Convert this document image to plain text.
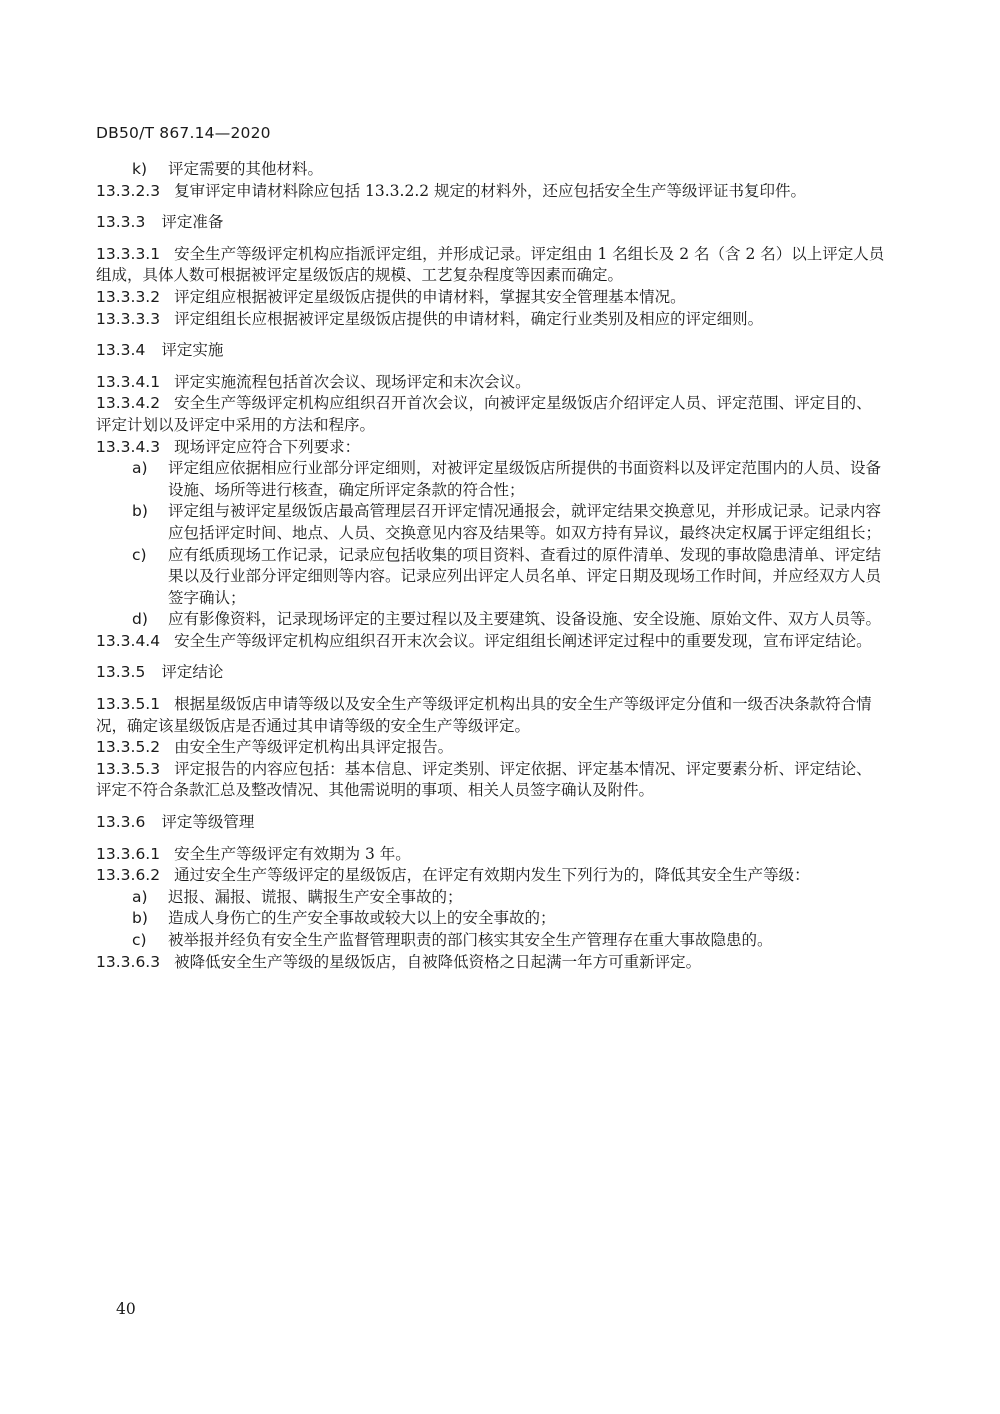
DB50/T 867.14—2020

k) 评定需要的其他材料。

13.3.2.3 复审评定申请材料除应包括 13.3.2.2 规定的材料外，还应包括安全生产等级评证书复印件。

13.3.3 评定准备

13.3.3.1 安全生产等级评定机构应指派评定组，并形成记录。评定组由 1 名组长及 2 名（含 2 名）以上评定人员组成，具体人数可根据被评定星级饭店的规模、工艺复杂程度等因素而确定。

13.3.3.2 评定组应根据被评定星级饭店提供的申请材料，掌握其安全管理基本情况。

13.3.3.3 评定组组长应根据被评定星级饭店提供的申请材料，确定行业类别及相应的评定细则。

13.3.4 评定实施

13.3.4.1 评定实施流程包括首次会议、现场评定和末次会议。

13.3.4.2 安全生产等级评定机构应组织召开首次会议，向被评定星级饭店介绍评定人员、评定范围、评定目的、评定计划以及评定中采用的方法和程序。

13.3.4.3 现场评定应符合下列要求：

a) 评定组应依据相应行业部分评定细则，对被评定星级饭店所提供的书面资料以及评定范围内的人员、设备设施、场所等进行核查，确定所评定条款的符合性；

b) 评定组与被评定星级饭店最高管理层召开评定情况通报会，就评定结果交换意见，并形成记录。记录内容应包括评定时间、地点、人员、交换意见内容及结果等。如双方持有异议，最终决定权属于评定组组长；

c) 应有纸质现场工作记录，记录应包括收集的项目资料、查看过的原件清单、发现的事故隐患清单、评定结果以及行业部分评定细则等内容。记录应列出评定人员名单、评定日期及现场工作时间，并应经双方人员签字确认；

d) 应有影像资料，记录现场评定的主要过程以及主要建筑、设备设施、安全设施、原始文件、双方人员等。

13.3.4.4 安全生产等级评定机构应组织召开末次会议。评定组组长阐述评定过程中的重要发现，宣布评定结论。

13.3.5 评定结论

13.3.5.1 根据星级饭店申请等级以及安全生产等级评定机构出具的安全生产等级评定分值和一级否决条款符合情况，确定该星级饭店是否通过其申请等级的安全生产等级评定。

13.3.5.2 由安全生产等级评定机构出具评定报告。

13.3.5.3 评定报告的内容应包括：基本信息、评定类别、评定依据、评定基本情况、评定要素分析、评定结论、评定不符合条款汇总及整改情况、其他需说明的事项、相关人员签字确认及附件。

13.3.6 评定等级管理

13.3.6.1 安全生产等级评定有效期为 3 年。

13.3.6.2 通过安全生产等级评定的星级饭店，在评定有效期内发生下列行为的，降低其安全生产等级：

a) 迟报、漏报、谎报、瞒报生产安全事故的；

b) 造成人身伤亡的生产安全事故或较大以上的安全事故的；

c) 被举报并经负有安全生产监督管理职责的部门核实其安全生产管理存在重大事故隐患的。

13.3.6.3 被降低安全生产等级的星级饭店，自被降低资格之日起满一年方可重新评定。

40
